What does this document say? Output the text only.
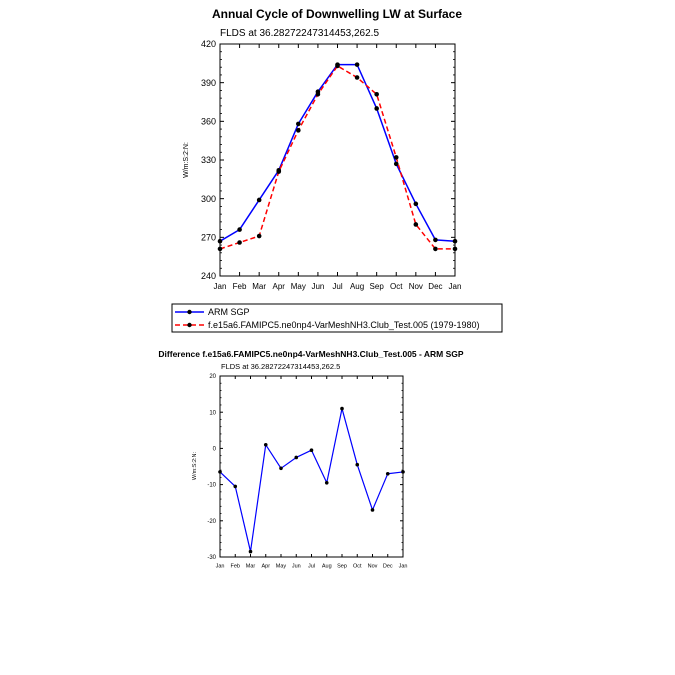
Annual Cycle of Downwelling LW at Surface
FLDS at 36.28272247314453,262.5
W/m:S:2:N:
240
270
300
330
360
390
420
Jan Feb Mar Apr May Jun Jul Aug Sep Oct Nov Dec Jan
ARM SGP
f.e15a6.FAMIPC5.ne0np4-VarMeshNH3.Club_Test.005 (1979-1980)
Difference f.e15a6.FAMIPC5.ne0np4-VarMeshNH3.Club_Test.005 - ARM SGP
FLDS at 36.28272247314453,262.5
W/m:S:2:N:
-30
-20
-10
0
10
20
Jan Feb Mar Apr May Jun Jul Aug Sep Oct Nov Dec Jan
